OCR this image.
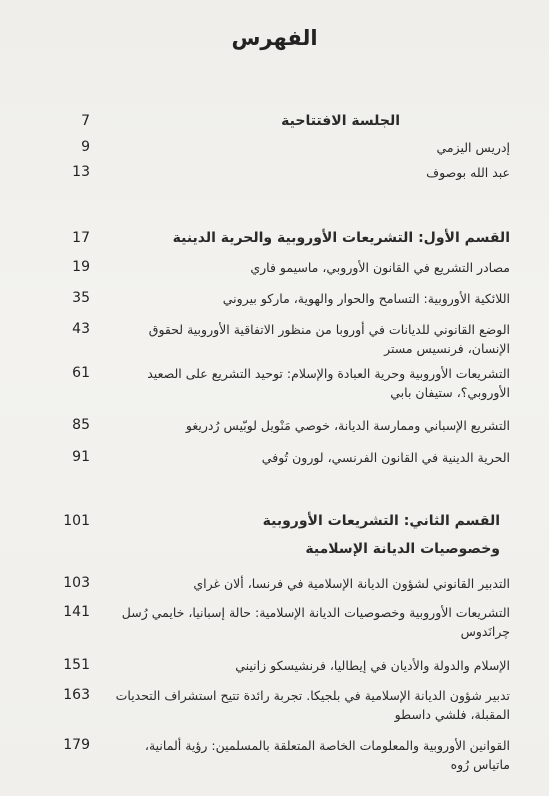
الفهرس
الجلسة الافتتاحية
7
إدريس اليزمي
9
عبد الله بوصوف
13
القسم الأول: التشريعات الأوروبية والحرية الدينية
17
مصادر التشريع في القانون الأوروبي، ماسيمو فاري
19
اللائكية الأوروبية: التسامح والحوار والهوية، ماركو بيروني
35
الوضع القانوني للديانات في أوروبا من منظور الاتفاقية الأوروبية لحقوق الإنسان، فرنسيس مستر
43
التشريعات الأوروبية وحرية العبادة والإسلام: توحيد التشريع على الصعيد الأوروبي؟، ستيفان بابي
61
التشريع الإسباني وممارسة الديانة، خوصي مَنْويل لوبّيس رُدريغو
85
الحرية الدينية في القانون الفرنسي، لورون تُوفي
91
القسم الثاني: التشريعات الأوروبية
101
وخصوصيات الديانة الإسلامية
التدبير القانوني لشؤون الديانة الإسلامية في فرنسا، ألان غراي
103
التشريعات الأوروبية وخصوصيات الديانة الإسلامية: حالة إسبانيا، خايمي رُسل چرانَدوس
141
الإسلام والدولة والأديان في إيطاليا، فرنشيسكو زانيني
151
تدبير شؤون الديانة الإسلامية في بلجيكا. تجربة رائدة تتيح استشراف التحديات المقبلة، فلشي داسطو
163
القوانين الأوروبية والمعلومات الخاصة المتعلقة بالمسلمين: رؤية ألمانية، ماتياس رُوه
179
